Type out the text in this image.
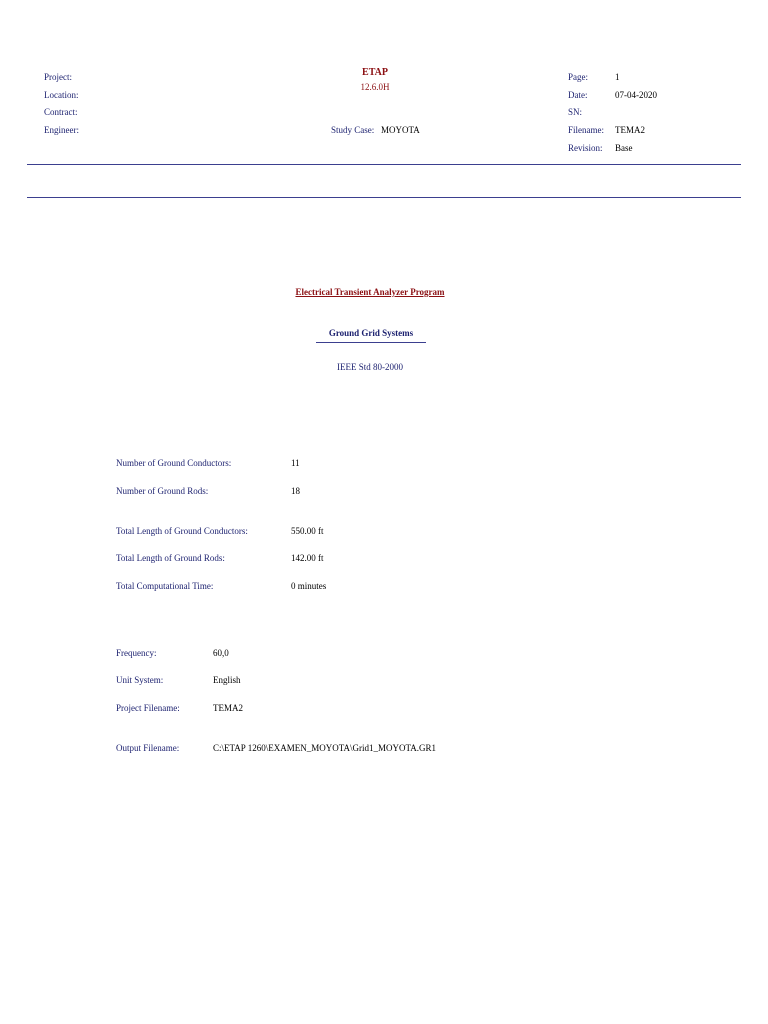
Project:
Location:
Contract:
Engineer:
ETAP
12.6.0H
Study Case: MOYOTA
Page:	1
Date:	07-04-2020
SN:
Filename: TEMA2
Revision: Base
Electrical Transient Analyzer Program
Ground Grid Systems
IEEE Std 80-2000
Number of Ground Conductors:	11
Number of Ground Rods:	18
Total Length of Ground Conductors:	550.00 ft
Total Length of Ground Rods:	142.00 ft
Total Computational Time:	0 minutes
Frequency:	60,0
Unit System:	English
Project Filename:	TEMA2
Output Filename:	C:\ETAP 1260\EXAMEN_MOYOTA\Grid1_MOYOTA.GR1
